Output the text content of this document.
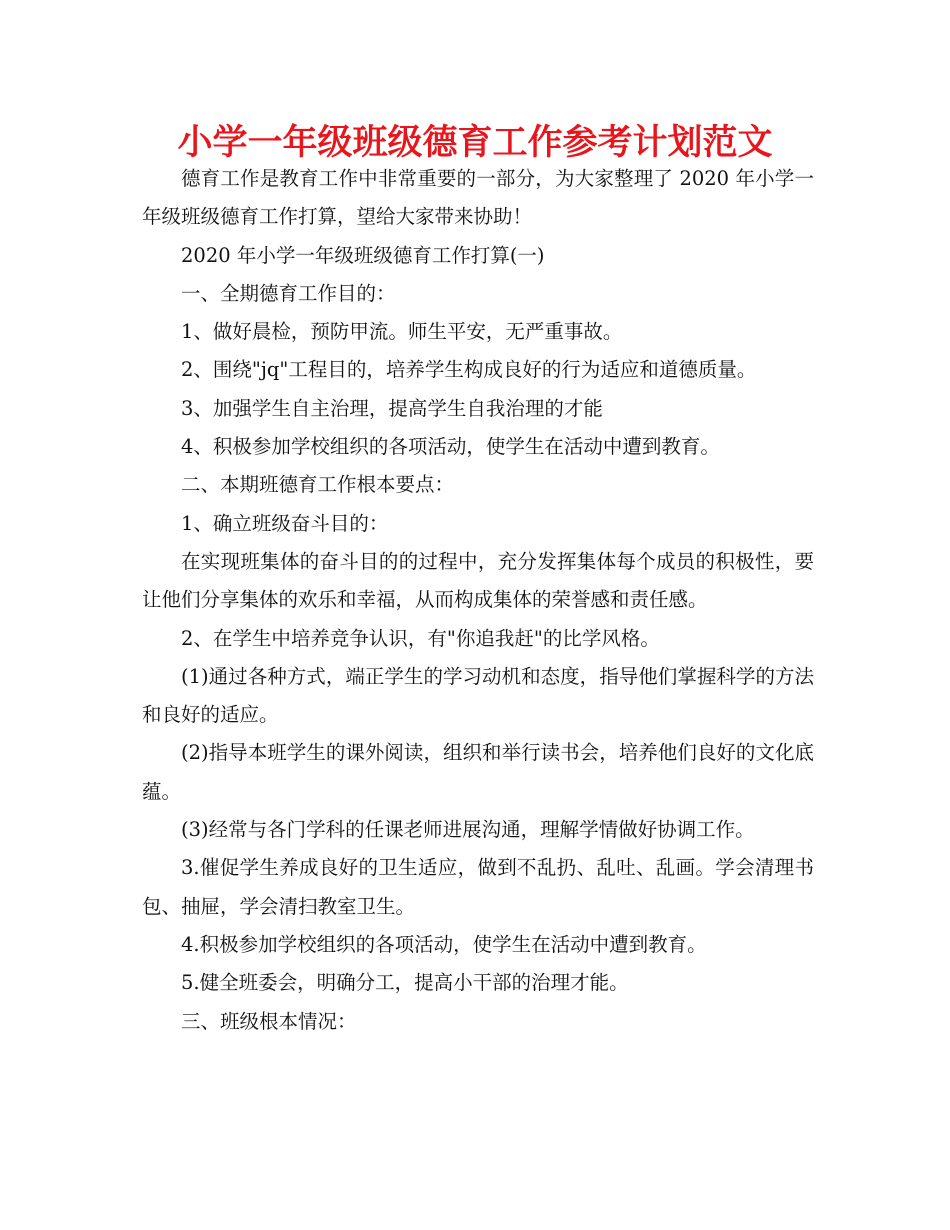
小学一年级班级德育工作参考计划范文

德育工作是教育工作中非常重要的一部分，为大家整理了 2020 年小学一年级班级德育工作打算，望给大家带来协助！

2020 年小学一年级班级德育工作打算(一)

一、全期德育工作目的：

1、做好晨检，预防甲流。师生平安，无严重事故。

2、围绕"jq"工程目的，培养学生构成良好的行为适应和道德质量。

3、加强学生自主治理，提高学生自我治理的才能

4、积极参加学校组织的各项活动，使学生在活动中遭到教育。

二、本期班德育工作根本要点：

1、确立班级奋斗目的：

在实现班集体的奋斗目的的过程中，充分发挥集体每个成员的积极性，要让他们分享集体的欢乐和幸福，从而构成集体的荣誉感和责任感。

2、在学生中培养竞争认识，有"你追我赶"的比学风格。

(1)通过各种方式，端正学生的学习动机和态度，指导他们掌握科学的方法和良好的适应。

(2)指导本班学生的课外阅读，组织和举行读书会，培养他们良好的文化底蕴。

(3)经常与各门学科的任课老师进展沟通，理解学情做好协调工作。

3.催促学生养成良好的卫生适应，做到不乱扔、乱吐、乱画。学会清理书包、抽屉，学会清扫教室卫生。

4.积极参加学校组织的各项活动，使学生在活动中遭到教育。

5.健全班委会，明确分工，提高小干部的治理才能。

三、班级根本情况：
